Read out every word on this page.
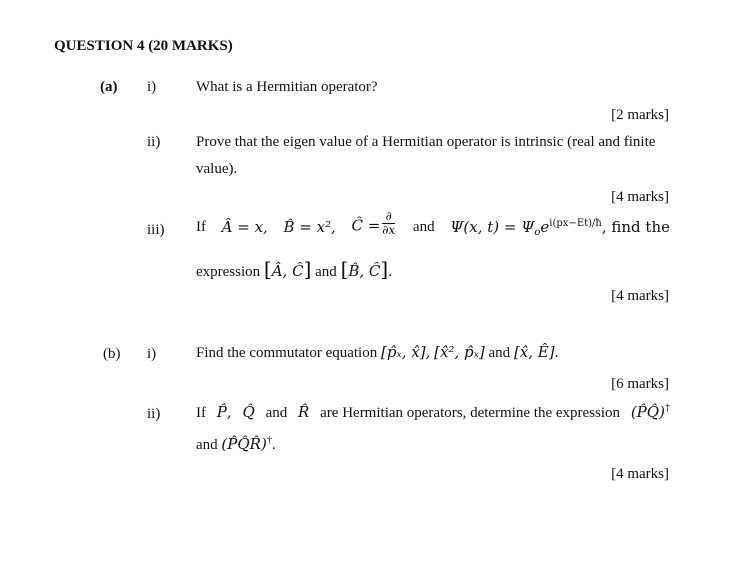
QUESTION 4 (20 MARKS)
(a) i)	What is a Hermitian operator?
[2 marks]
ii) Prove that the eigen value of a Hermitian operator is intrinsic (real and finite
value).
[4 marks]
iii) If Â = x, B̂ = x², Ĉ = $\frac{\partial}{\partial x}$ and Ψ(x, $t) = \Psi_oe^{i(px-Et)/ħ}$, find the
expression [Â, Ĉ] and [B̂, Ĉ].
[4 marks]
(b) i)	Find the commutator equation [p̂ₓ, x̂], [x̂², p̂ₓ] and [x̂, Ê].
[6 marks]
ii) If P̂, Q̂ and R̂ are Hermitian operators, determine the expression (P̂Q̂)†
and (P̂Q̂R̂)†.
[4 marks]
